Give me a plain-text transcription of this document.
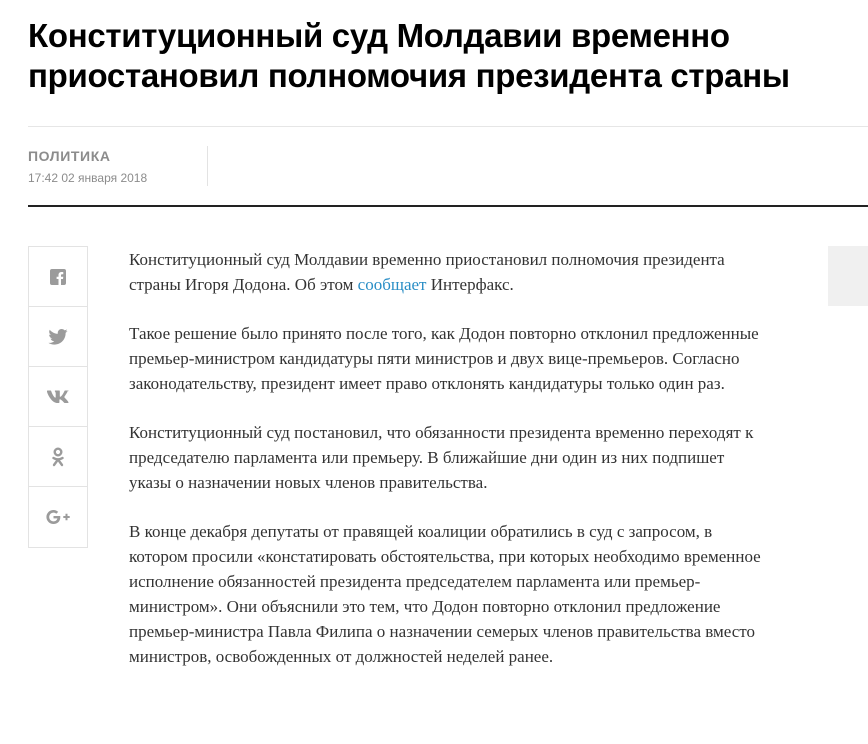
Конституционный суд Молдавии временно приостановил полномочия президента страны
ПОЛИТИКА
17:42 02 января 2018

Конституционный суд Молдавии временно приостановил полномочия президента страны Игоря Додона. Об этом сообщает Интерфакс.

Такое решение было принято после того, как Додон повторно отклонил предложенные премьер-министром кандидатуры пяти министров и двух вице-премьеров. Согласно законодательству, президент имеет право отклонять кандидатуры только один раз.

Конституционный суд постановил, что обязанности президента временно переходят к председателю парламента или премьеру. В ближайшие дни один из них подпишет указы о назначении новых членов правительства.

В конце декабря депутаты от правящей коалиции обратились в суд с запросом, в котором просили «констатировать обстоятельства, при которых необходимо временное исполнение обязанностей президента председателем парламента или премьер-министром». Они объяснили это тем, что Додон повторно отклонил предложение премьер-министра Павла Филипа о назначении семерых членов правительства вместо министров, освобожденных от должностей неделей ранее.
